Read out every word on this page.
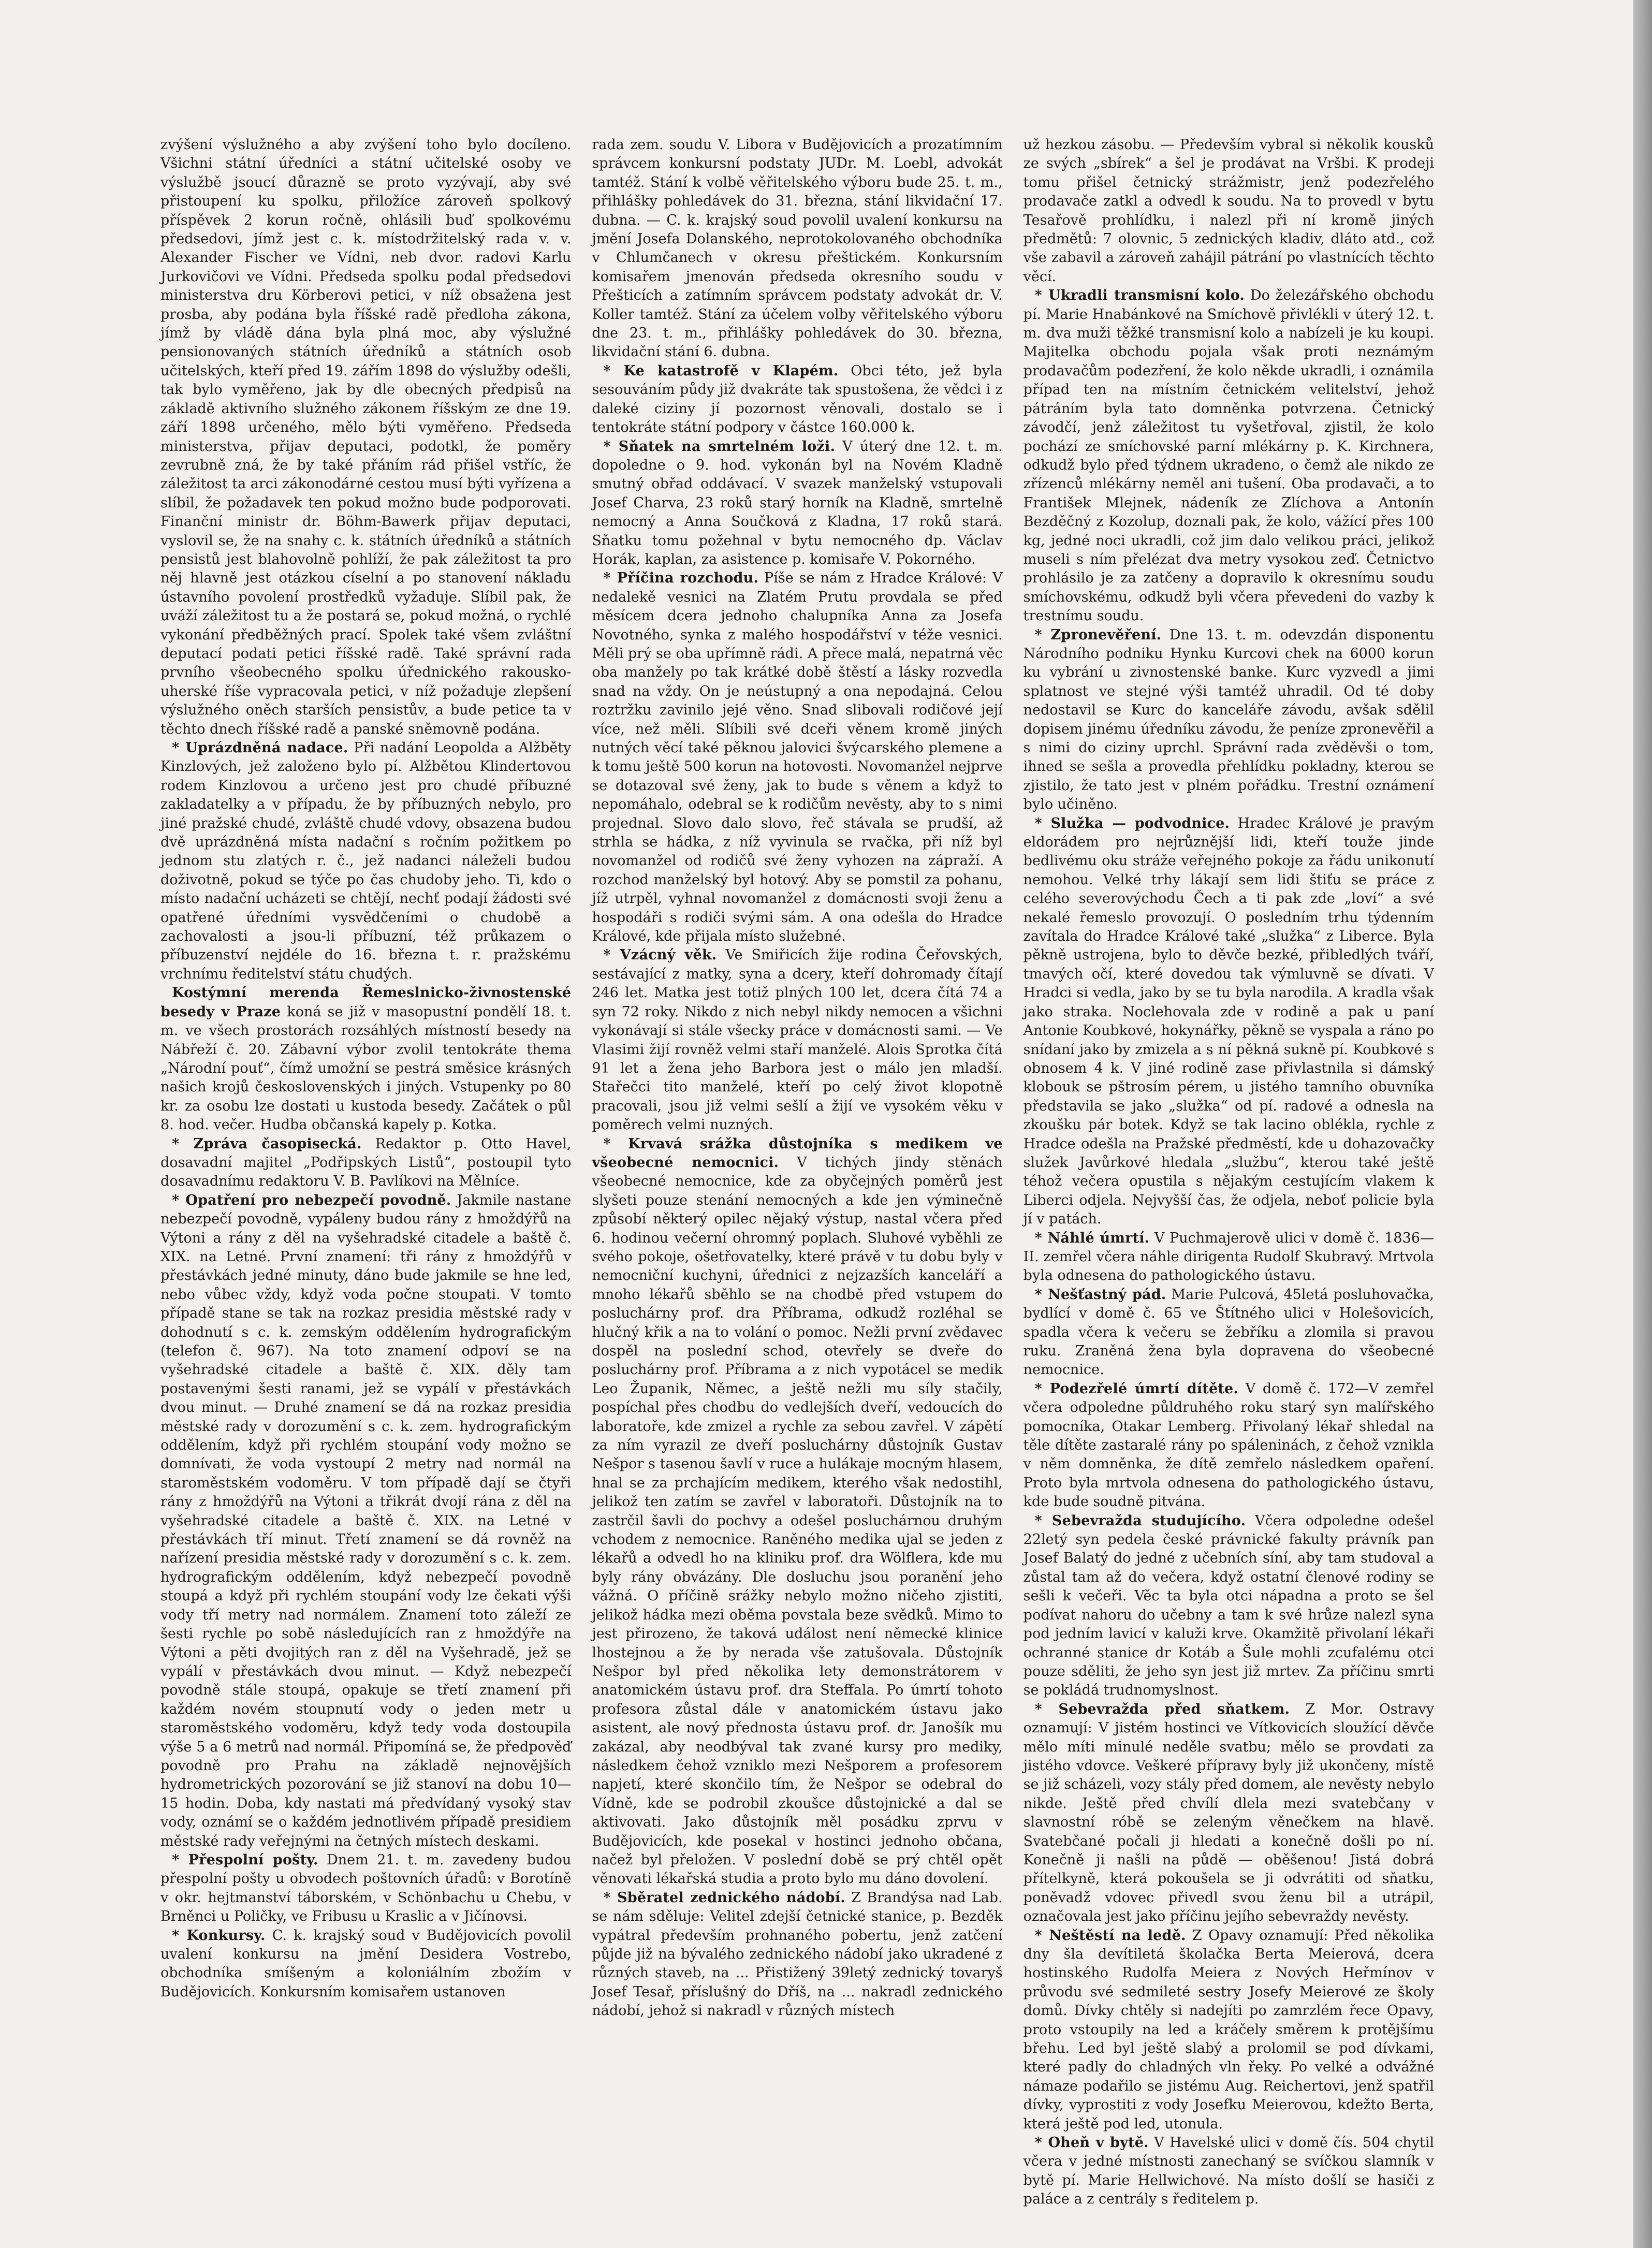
zvýšení výslužného a aby zvýšení toho bylo docíleno. Všichni státní úředníci a státní učitelské osoby ve výslužbě jsoucí důrazně se proto vyzývají, aby své přistoupení ku spolku, přiložíce zároveň spolkový příspěvek 2 korun ročně, ohlásili buď spolkovému předsedovi, jímž jest c. k. místodržitelský rada v. v. Alexander Fischer ve Vídni, neb dvor. radovi Karlu Jurkovičovi ve Vídni. Předseda spolku podal předsedovi ministerstva dru Körberovi petici, v níž obsažena jest prosba, aby podána byla říšské radě předloha zákona, jímž by vládě dána byla plná moc, aby výslužné pensionovaných státních úředníků a státních osob učitelských, kteří před 19. zářím 1898 do výslužby odešli, tak bylo vyměřeno, jak by dle obecných předpisů na základě aktivního služného zákonem říšským ze dne 19. září 1898 určeného, mělo býti vyměřeno. Předseda ministerstva, přijav deputaci, podotkl, že poměry zevrubně zná, že by také přáním rád přišel vstříc, že záležitost ta arci zákonodárné cestou musí býti vyřízena a slíbil, že požadavek ten pokud možno bude podporovati. Finanční ministr dr. Böhm-Bawerk přijav deputaci, vyslovil se, že na snahy c. k. státních úředníků a státních pensistů jest blahovolně pohlíží, že pak záležitost ta pro něj hlavně jest otázkou císelní a po stanovení nákladu ústavního povolení prostředků vyžaduje. Slíbil pak, že uváží záležitost tu a že postará se, pokud možná, o rychlé vykonání předběžných prací. Spolek také všem zvláštní deputací podati petici říšské radě. Také správní rada prvního všeobecného spolku úřednického rakousko-uherské říše vypracovala petici, v níž požaduje zlepšení výslužného oněch starších pensistův, a bude petice ta v těchto dnech říšské radě a panské sněmovně podána.

* Uprázdněná nadace. Při nadání Leopolda a Alžběty Kinzlových, jež založeno bylo pí. Alžbětou Klindertovou rodem Kinzlovou a určeno jest pro chudé příbuzné zakladatelky a v případu, že by příbuzných nebylo, pro jiné pražské chudé, zvláště chudé vdovy, obsazena budou dvě uprázdněná místa nadační s ročním požitkem po jednom stu zlatých r. č., jež nadanci náleželi budou doživotně, pokud se týče po čas chudoby jeho. Ti, kdo o místo nadační ucházeti se chtějí, nechť podají žádosti své opatřené úředními vysvědčeními o chudobě a zachovalosti a jsou-li příbuzní, též průkazem o příbuzenství nejdéle do 16. března t. r. pražskému vrchnímu ředitelství státu chudých.

Kostýmní merenda Řemeslnicko-živnostenské besedy v Praze koná se již v masopustní pondělí 18. t. m. ve všech prostorách rozsáhlých místností besedy na Nábřeží č. 20. Zábavní výbor zvolil tentokráte thema „Národní pouť“, čímž umožní se pestrá směsice krásných našich krojů československých i jiných. Vstupenky po 80 kr. za osobu lze dostati u kustoda besedy. Začátek o půl 8. hod. večer. Hudba občanská kapely p. Kotka.

* Zpráva časopisecká. Redaktor p. Otto Havel, dosavadní majitel „Podřipských Listů“, postoupil tyto dosavadnímu redaktoru V. B. Pavlíkovi na Mělníce.

* Opatření pro nebezpečí povodně. Jakmile nastane nebezpečí povodně, vypáleny budou rány z hmoždýřů na Výtoni a rány z děl na vyšehradské citadele a baště č. XIX. na Letné. První znamení: tři rány z hmoždýřů v přestávkách jedné minuty, dáno bude jakmile se hne led, nebo vůbec vždy, když voda počne stoupati. V tomto případě stane se tak na rozkaz presidia městské rady v dohodnutí s c. k. zemským oddělením hydrografickým (telefon č. 967). Na toto znamení odpoví se na vyšehradské citadele a baště č. XIX. děly tam postavenými šesti ranami, jež se vypálí v přestávkách dvou minut. — Druhé znamení se dá na rozkaz presidia městské rady v dorozumění s c. k. zem. hydrografickým oddělením, když při rychlém stoupání vody možno se domnívati, že voda vystoupí 2 metry nad normál na staroměstském vodoměru. V tom případě dají se čtyři rány z hmoždýřů na Výtoni a třikrát dvojí rána z děl na vyšehradské citadele a baště č. XIX. na Letné v přestávkách tří minut. Třetí znamení se dá rovněž na nařízení presidia městské rady v dorozumění s c. k. zem. hydrografickým oddělením, když nebezpečí povodně stoupá a když při rychlém stoupání vody lze čekati výši vody tří metry nad normálem. Znamení toto záleží ze šesti rychle po sobě následujících ran z hmoždýře na Výtoni a pěti dvojitých ran z děl na Vyšehradě, jež se vypálí v přestávkách dvou minut. — Když nebezpečí povodně stále stoupá, opakuje se třetí znamení při každém novém stoupnutí vody o jeden metr u staroměstského vodoměru, když tedy voda dostoupila výše 5 a 6 metrů nad normál. Připomíná se, že předpověď povodně pro Prahu na základě nejnovějších hydrometrických pozorování se již stanoví na dobu 10—15 hodin. Doba, kdy nastati má předvídaný vysoký stav vody, oznámí se o každém jednotlivém případě presidiem městské rady veřejnými na četných místech deskami.

* Přespolní pošty. Dnem 21. t. m. zavedeny budou přespolní pošty u obvodech poštovních úřadů: v Borotíně v okr. hejtmanství táborském, v Schönbachu u Chebu, v Brněnci u Poličky, ve Fribusu u Kraslic a v Jičínovsi.

* Konkursy. C. k. krajský soud v Budějovicích povolil uvalení konkursu na jmění Desidera Vostrebo, obchodníka smíšeným a koloniálním zbožím v Budějovicích. Konkursním komisařem ustanoven

rada zem. soudu V. Libora v Budějovicích a prozatímním správcem konkursní podstaty JUDr. M. Loebl, advokát tamtéž. Stání k volbě věřitelského výboru bude 25. t. m., přihlášky pohledávek do 31. března, stání likvidační 17. dubna. — C. k. krajský soud povolil uvalení konkursu na jmění Josefa Dolanského, neprotokolovaného obchodníka v Chlumčanech v okresu přeštickém. Konkursním komisařem jmenován předseda okresního soudu v Přešticích a zatímním správcem podstaty advokát dr. V. Koller tamtéž. Stání za účelem volby věřitelského výboru dne 23. t. m., přihlášky pohledávek do 30. března, likvidační stání 6. dubna.

* Ke katastrofě v Klapém. Obci této, jež byla sesouváním půdy již dvakráte tak spustošena, že vědci i z daleké ciziny jí pozornost věnovali, dostalo se i tentokráte státní podpory v částce 160.000 k.

* Sňatek na smrtelném loži. V úterý dne 12. t. m. dopoledne o 9. hod. vykonán byl na Novém Kladně smutný obřad oddávací. V svazek manželský vstupovali Josef Charva, 23 roků starý horník na Kladně, smrtelně nemocný a Anna Součková z Kladna, 17 roků stará. Sňatku tomu požehnal v bytu nemocného dp. Václav Horák, kaplan, za asistence p. komisaře V. Pokorného.

* Příčina rozchodu. Píše se nám z Hradce Králové: V nedalekě vesnici na Zlatém Prutu provdala se před měsícem dcera jednoho chalupníka Anna za Josefa Novotného, synka z malého hospodářství v téže vesnici. Měli prý se oba upřímně rádi. A přece malá, nepatrná věc oba manžely po tak krátké době štěstí a lásky rozvedla snad na vždy. On je neústupný a ona nepodajná. Celou roztržku zavinilo jejé věno. Snad slibovali rodičové její více, než měli. Slíbili své dceři věnem kromě jiných nutných věcí také pěknou jalovici švýcarského plemene a k tomu ještě 500 korun na hotovosti. Novomanžel nejprve se dotazoval své ženy, jak to bude s věnem a když to nepomáhalo, odebral se k rodičům nevěsty, aby to s nimi projednal. Slovo dalo slovo, řeč stávala se prudší, až strhla se hádka, z níž vyvinula se rvačka, při níž byl novomanžel od rodičů své ženy vyhozen na zápraží. A rozchod manželský byl hotový. Aby se pomstil za pohanu, jíž utrpěl, vyhnal novomanžel z domácnosti svoji ženu a hospodáři s rodiči svými sám. A ona odešla do Hradce Králové, kde přijala místo služebné.

* Vzácný věk. Ve Smiřicích žije rodina Čeřovských, sestávající z matky, syna a dcery, kteří dohromady čítají 246 let. Matka jest totiž plných 100 let, dcera čítá 74 a syn 72 roky. Nikdo z nich nebyl nikdy nemocen a všichni vykonávají si stále všecky práce v domácnosti sami. — Ve Vlasimi žijí rovněž velmi staří manželé. Alois Sprotka čítá 91 let a žena jeho Barbora jest o málo jen mladší. Stařečci tito manželé, kteří po celý život klopotně pracovali, jsou již velmi sešlí a žijí ve vysokém věku v poměrech velmi nuzných.

* Krvavá srážka důstojníka s medikem ve všeobecné nemocnici. V tichých jindy stěnách všeobecné nemocnice, kde za obyčejných poměrů jest slyšeti pouze stenání nemocných a kde jen výminečně způsobí některý opilec nějaký výstup, nastal včera před 6. hodinou večerní ohromný poplach. Sluhové vyběhli ze svého pokoje, ošetřovatelky, které právě v tu dobu byly v nemocniční kuchyni, úřednici z nejzazších kanceláří a mnoho lékařů sběhlo se na chodbě před vstupem do posluchárny prof. dra Příbrama, odkudž rozléhal se hlučný křik a na to volání o pomoc. Nežli první zvědavec dospěl na poslední schod, otevřely se dveře do posluchárny prof. Příbrama a z nich vypotácel se medik Leo Županik, Němec, a ještě nežli mu síly stačily, pospíchal přes chodbu do vedlejších dveří, vedoucích do laboratoře, kde zmizel a rychle za sebou zavřel. V zápětí za ním vyrazil ze dveří posluchárny důstojník Gustav Nešpor s tasenou šavlí v ruce a hulákaje mocným hlasem, hnal se za prchajícím medikem, kterého však nedostihl, jelikož ten zatím se zavřel v laboratoři. Důstojník na to zastrčil šavli do pochvy a odešel posluchárnou druhým vchodem z nemocnice. Raněného medika ujal se jeden z lékařů a odvedl ho na kliniku prof. dra Wölflera, kde mu byly rány obvázány. Dle dosluchu jsou poranění jeho vážná. O příčině srážky nebylo možno ničeho zjistiti, jelikož hádka mezi oběma povstala beze svědků. Mimo to jest přirozeno, že taková událost není německé klinice lhostejnou a že by nerada vše zatušovala. Důstojník Nešpor byl před několika lety demonstrátorem v anatomickém ústavu prof. dra Steffala. Po úmrtí tohoto profesora zůstal dále v anatomickém ústavu jako asistent, ale nový přednosta ústavu prof. dr. Janošík mu zakázal, aby neodbýval tak zvané kursy pro mediky, následkem čehož vzniklo mezi Nešporem a profesorem napjetí, které skončilo tím, že Nešpor se odebral do Vídně, kde se podrobil zkoušce důstojnické a dal se aktivovati. Jako důstojník měl posádku zprvu v Budějovicích, kde posekal v hostinci jednoho občana, načež byl přeložen. V poslední době se prý chtěl opět věnovati lékařská studia a proto bylo mu dáno dovolení.

* Sběratel zednického nádobí. Z Brandýsa nad Lab. se nám sděluje: Velitel zdejší četnické stanice, p. Bezděk vypátral především prohnaného pobertu, jenž zatčení půjde již na bývalého zednického nádobí jako ukradené z různých staveb, na ... Přistižený 39letý zednický tovaryš Josef Tesař, příslušný do Dříš, na ... nakradl zednického nádobí, jehož si nakradl v různých místech

už hezkou zásobu. — Především vybral si několik kousků ze svých „sbírek“ a šel je prodávat na Vršbi. K prodeji tomu přišel četnický strážmistr, jenž podezřelého prodavače zatkl a odvedl k soudu. Na to provedl v bytu Tesařově prohlídku, i nalezl při ní kromě jiných předmětů: 7 olovnic, 5 zednických kladiv, dláto atd., což vše zabavil a zároveň zahájil pátrání po vlastnících těchto věcí.

* Ukradli transmisní kolo. Do železářského obchodu pí. Marie Hnabánkové na Smíchově přivlékli v úterý 12. t. m. dva muži těžké transmisní kolo a nabízeli je ku koupi. Majitelka obchodu pojala však proti neznámým prodavačům podezření, že kolo někde ukradli, i oznámila případ ten na místním četnickém velitelství, jehož pátráním byla tato domněnka potvrzena. Četnický závodčí, jenž záležitost tu vyšetřoval, zjistil, že kolo pochází ze smíchovské parní mlékárny p. K. Kirchnera, odkudž bylo před týdnem ukradeno, o čemž ale nikdo ze zřízenců mlékárny neměl ani tušení. Oba prodavači, a to František Mlejnek, nádeník ze Zlíchova a Antonín Bezděčný z Kozolup, doznali pak, že kolo, vážící přes 100 kg, jedné noci ukradli, což jim dalo velikou práci, jelikož museli s ním přelézat dva metry vysokou zeď. Četnictvo prohlásilo je za zatčeny a dopravilo k okresnímu soudu smíchovskému, odkudž byli včera převedeni do vazby k trestnímu soudu.

* Zpronevěření. Dne 13. t. m. odevzdán disponentu Národního podniku Hynku Kurcovi chek na 6000 korun ku vybrání u zivnostenské banke. Kurc vyzvedl a jimi splatnost ve stejné výši tamtéž uhradil. Od té doby nedostavil se Kurc do kanceláře závodu, avšak sdělil dopisem jinému úředníku závodu, že peníze zpronevěřil a s nimi do ciziny uprchl. Správní rada zvěděvši o tom, ihned se sešla a provedla přehlídku pokladny, kterou se zjistilo, že tato jest v plném pořádku. Trestní oznámení bylo učiněno.

* Služka — podvodnice. Hradec Králové je pravým eldorádem pro nejrůznější lidi, kteří touže jinde bedlivému oku stráže veřejného pokoje za řádu unikonutí nemohou. Velké trhy lákají sem lidi štiťu se práce z celého severovýchodu Čech a ti pak zde „loví“ a své nekalé řemeslo provozují. O posledním trhu týdenním zavítala do Hradce Králové také „služka“ z Liberce. Byla pěkně ustrojena, bylo to děvče bezké, přibledlých tváří, tmavých očí, které dovedou tak výmluvně se dívati. V Hradci si vedla, jako by se tu byla narodila. A kradla však jako straka. Noclehovala zde v rodině a pak u paní Antonie Koubkové, hokynářky, pěkně se vyspala a ráno po snídaní jako by zmizela a s ní pěkná sukně pí. Koubkové s obnosem 4 k. V jiné rodině zase přivlastnila si dámský klobouk se pštrosím pérem, u jistého tamního obuvníka představila se jako „služka“ od pí. radové a odnesla na zkoušku pár botek. Když se tak lacino oblékla, rychle z Hradce odešla na Pražské předměstí, kde u dohazovačky služek Javůrkové hledala „službu“, kterou také ještě téhož večera opustila s nějakým cestujícím vlakem k Liberci odjela. Nejvyšší čas, že odjela, neboť policie byla jí v patách.

* Náhlé úmrtí. V Puchmajerově ulici v domě č. 1836—II. zemřel včera náhle dirigenta Rudolf Skubravý. Mrtvola byla odnesena do pathologického ústavu.

* Nešťastný pád. Marie Pulcová, 45letá posluhovačka, bydlící v domě č. 65 ve Štítného ulici v Holešovicích, spadla včera k večeru se žebříku a zlomila si pravou ruku. Zraněná žena byla dopravena do všeobecné nemocnice.

* Podezřelé úmrtí dítěte. V domě č. 172—V zemřel včera odpoledne půldruhého roku starý syn malířského pomocníka, Otakar Lemberg. Přivolaný lékař shledal na těle dítěte zastaralé rány po spáleninách, z čehož vznikla v něm domněnka, že dítě zemřelo následkem opaření. Proto byla mrtvola odnesena do pathologického ústavu, kde bude soudně pitvána.

* Sebevražda studujícího. Včera odpoledne odešel 22letý syn pedela české právnické fakulty právník pan Josef Balatý do jedné z učebních síní, aby tam studoval a zůstal tam až do večera, když ostatní členové rodiny se sešli k večeři. Věc ta byla otci nápadna a proto se šel podívat nahoru do učebny a tam k své hrůze nalezl syna pod jedním lavicí v kaluži krve. Okamžitě přivolaní lékaři ochranné stanice dr Kotáb a Šule mohli zcufalému otci pouze sděliti, že jeho syn jest již mrtev. Za příčinu smrti se pokládá trudnomyslnost.

* Sebevražda před sňatkem. Z Mor. Ostravy oznamují: V jistém hostinci ve Vítkovicích sloužící děvče mělo míti minulé neděle svatbu; mělo se provdati za jistého vdovce. Veškeré přípravy byly již ukončeny, místě se již scházeli, vozy stály před domem, ale nevěsty nebylo nikde. Ještě před chvílí dlela mezi svatebčany v slavnostní róbě se zeleným věnečkem na hlavě. Svatebčané počali ji hledati a konečně došli po ní. Konečně ji našli na půdě — oběšenou! Jistá dobrá přítelkyně, která pokoušela se ji odvrátiti od sňatku, poněvadž vdovec přivedl svou ženu bil a utrápil, označovala jest jako příčinu jejího sebevraždy nevěsty.

* Neštěstí na ledě. Z Opavy oznamují: Před několika dny šla devítiletá školačka Berta Meierová, dcera hostinského Rudolfa Meiera z Nových Heřmínov v průvodu své sedmileté sestry Josefy Meierové ze školy domů. Dívky chtěly si nadejíti po zamrzlém řece Opavy, proto vstoupily na led a kráčely směrem k protějšímu břehu. Led byl ještě slabý a prolomil se pod dívkami, které padly do chladných vln řeky. Po velké a odvážné námaze podařilo se jistému Aug. Reichertovi, jenž spatřil dívky, vyprostiti z vody Josefku Meierovou, kdežto Berta, která ještě pod led, utonula.

* Oheň v bytě. V Havelské ulici v domě čís. 504 chytil včera v jedné místnosti zanechaný se svíčkou slamník v bytě pí. Marie Hellwichové. Na místo došlí se hasiči z paláce a z centrály s ředitelem p.
